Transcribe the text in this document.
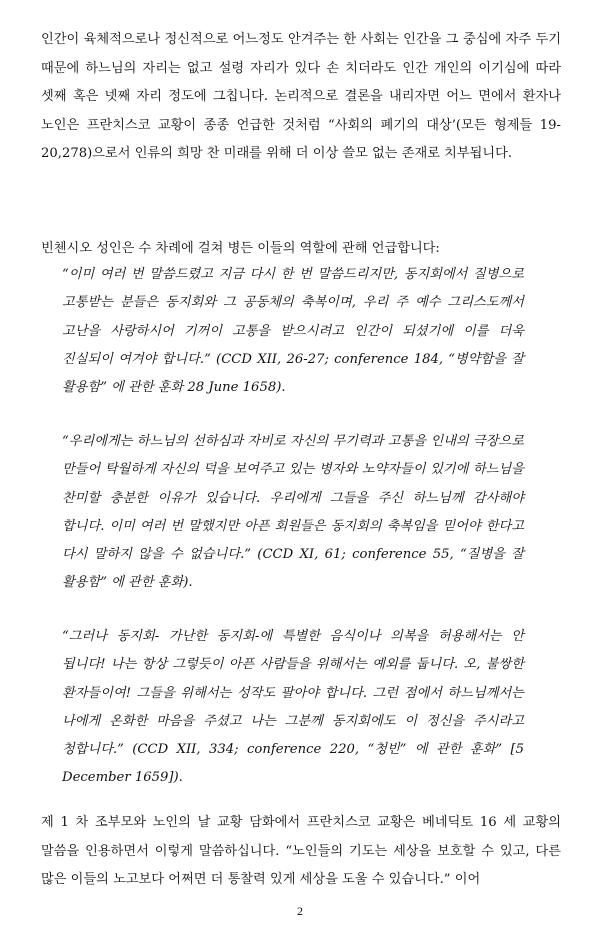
인간이 육체적으로나 정신적으로 어느정도 안겨주는 한 사회는 인간을 그 중심에 자주 두기 때문에 하느님의 자리는 없고 설령 자리가 있다 손 치더라도 인간 개인의 이기심에 따라 셋째 혹은 넷째 자리 정도에 그칩니다. 논리적으로 결론을 내리자면 어느 면에서 환자나 노인은 프란치스코 교황이 종종 언급한 것처럼 “사회의 폐기의 대상’(모든 형제들 19-20,278)으로서 인류의 희망 찬 미래를 위해 더 이상 쓸모 없는 존재로 치부됩니다.

빈첸시오 성인은 수 차례에 걸쳐 병든 이들의 역할에 관해 언급합니다:

“이미 여러 번 말씀드렸고 지금 다시 한 번 말씀드리지만, 동지회에서 질병으로 고통받는 분들은 동지회와 그 공동체의 축복이며, 우리 주 예수 그리스도께서 고난을 사랑하시어 기꺼이 고통을 받으시려고 인간이 되셨기에 이를 더욱 진실되이 여겨야 합니다.” (CCD XII, 26-27; conference 184, “병약함을 잘 활용함” 에 관한 훈화 28 June 1658).

“우리에게는 하느님의 선하심과 자비로 자신의 무기력과 고통을 인내의 극장으로 만들어 탁월하게 자신의 덕을 보여주고 있는 병자와 노약자들이 있기에 하느님을 찬미할 충분한 이유가 있습니다. 우리에게 그들을 주신 하느님께 감사해야 합니다. 이미 여러 번 말했지만 아픈 회원들은 동지회의 축복임을 믿어야 한다고 다시 말하지 않을 수 없습니다.” (CCD XI, 61; conference 55, “질병을 잘 활용함” 에 관한 훈화).

“그러나 동지회- 가난한 동지회-에 특별한 음식이나 의복을 허용해서는 안 됩니다! 나는 항상 그렇듯이 아픈 사람들을 위해서는 예외를 둡니다. 오, 불쌍한 환자들이여! 그들을 위해서는 성작도 팔아야 합니다. 그런 점에서 하느님께서는 나에게 온화한 마음을 주셨고 나는 그분께 동지회에도 이 정신을 주시라고 청합니다.” (CCD XII, 334; conference 220, “청빈” 에 관한 훈화” [5 December 1659]).

제 1 차 조부모와 노인의 날 교황 담화에서 프란치스코 교황은 베네딕토 16 세 교황의 말씀을 인용하면서 이렇게 말씀하십니다. “노인들의 기도는 세상을 보호할 수 있고, 다른 많은 이들의 노고보다 어쩌면 더 통찰력 있게 세상을 도울 수 있습니다.” 이어

2
